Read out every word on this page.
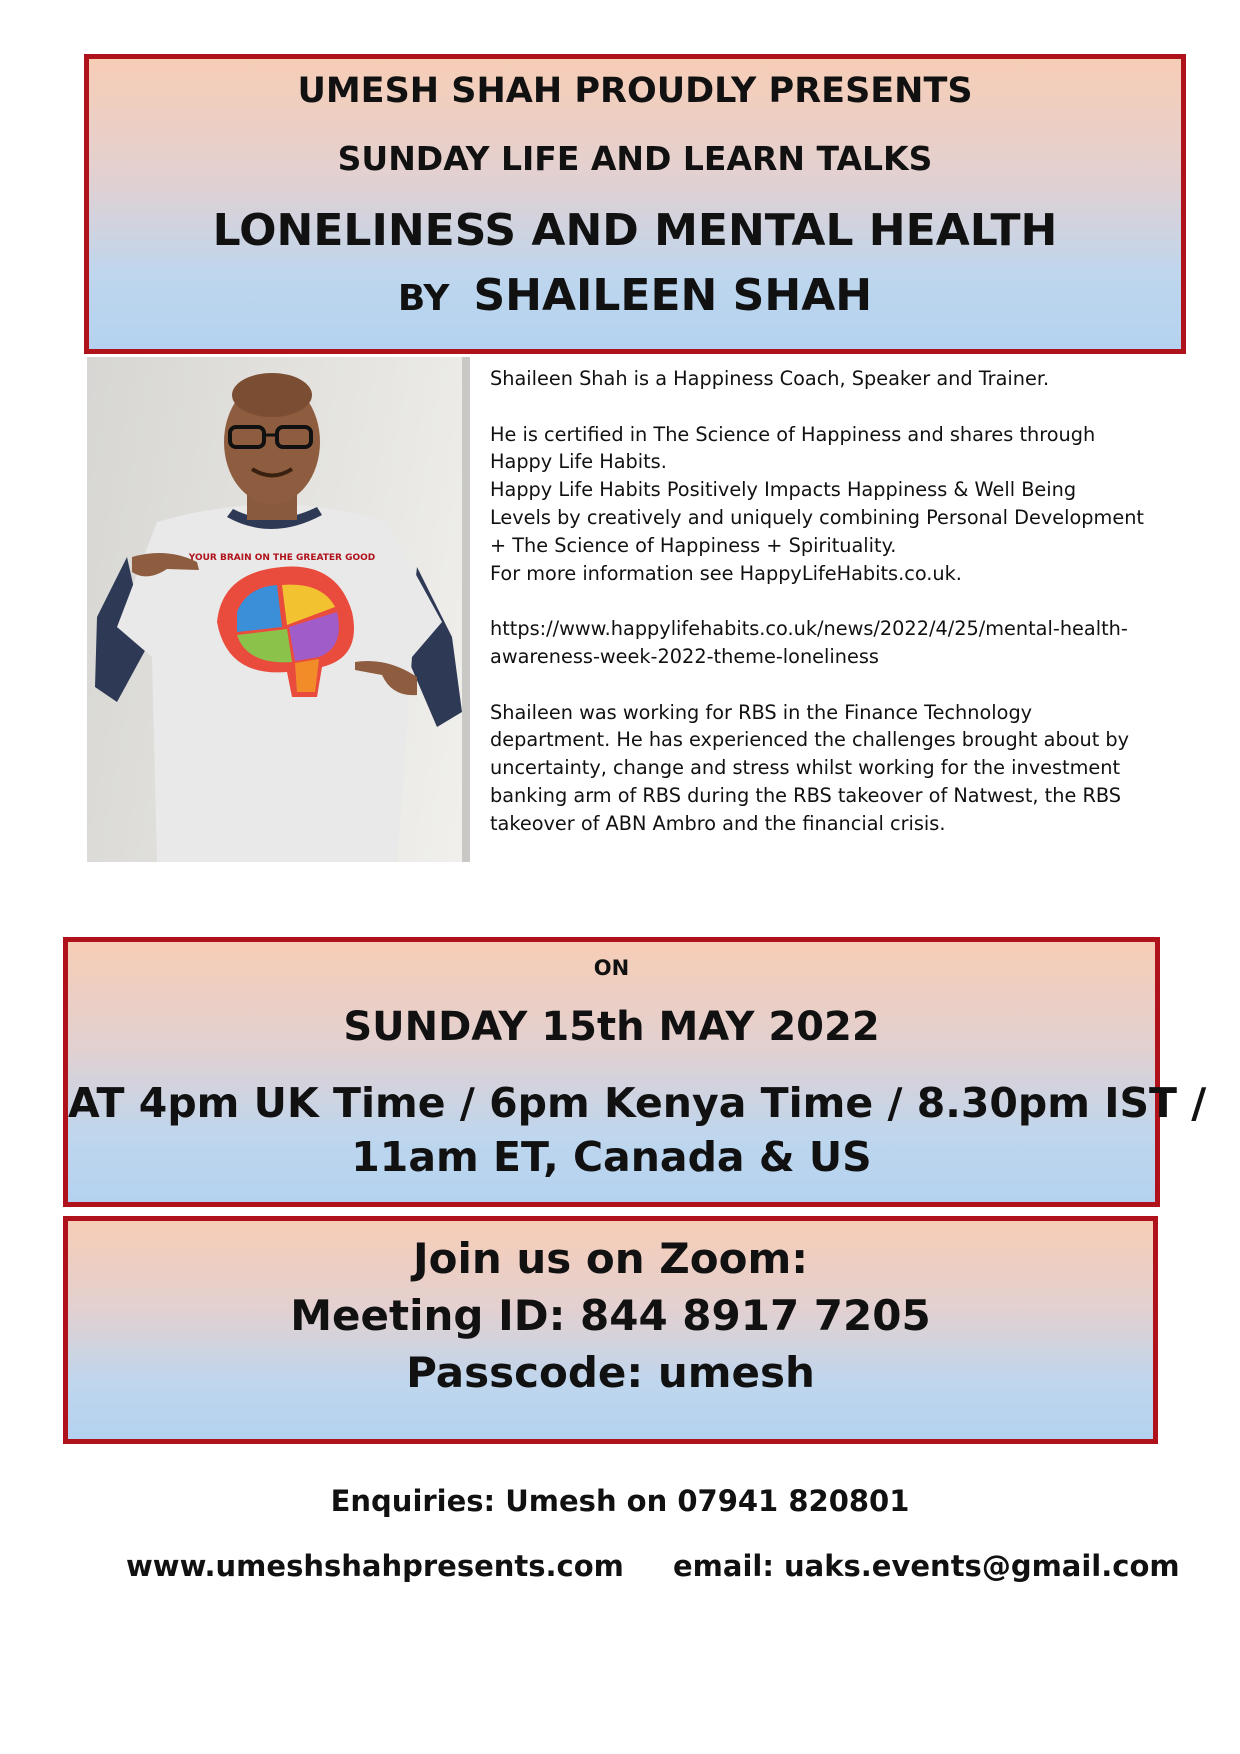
UMESH SHAH PROUDLY PRESENTS
SUNDAY LIFE AND LEARN TALKS
LONELINESS AND MENTAL HEALTH
BY SHAILEEN SHAH
YOUR BRAIN ON THE GREATER GOOD

Shaileen Shah is a Happiness Coach, Speaker and Trainer.

He is certified in The Science of Happiness and shares through

Happy Life Habits.

Happy Life Habits Positively Impacts Happiness & Well Being

Levels by creatively and uniquely combining Personal Development

+ The Science of Happiness + Spirituality.

For more information see HappyLifeHabits.co.uk.

https://www.happylifehabits.co.uk/news/2022/4/25/mental-health-

awareness-week-2022-theme-loneliness

Shaileen was working for RBS in the Finance Technology

department. He has experienced the challenges brought about by

uncertainty, change and stress whilst working for the investment

banking arm of RBS during the RBS takeover of Natwest, the RBS

takeover of ABN Ambro and the financial crisis.

ON
SUNDAY 15th MAY 2022
AT 4pm UK Time / 6pm Kenya Time / 8.30pm IST /
11am ET, Canada & US
Join us on Zoom:
Meeting ID: 844 8917 7205
Passcode: umesh
Enquiries: Umesh on 07941 820801
www.umeshshahpresents.com email: uaks.events@gmail.com
